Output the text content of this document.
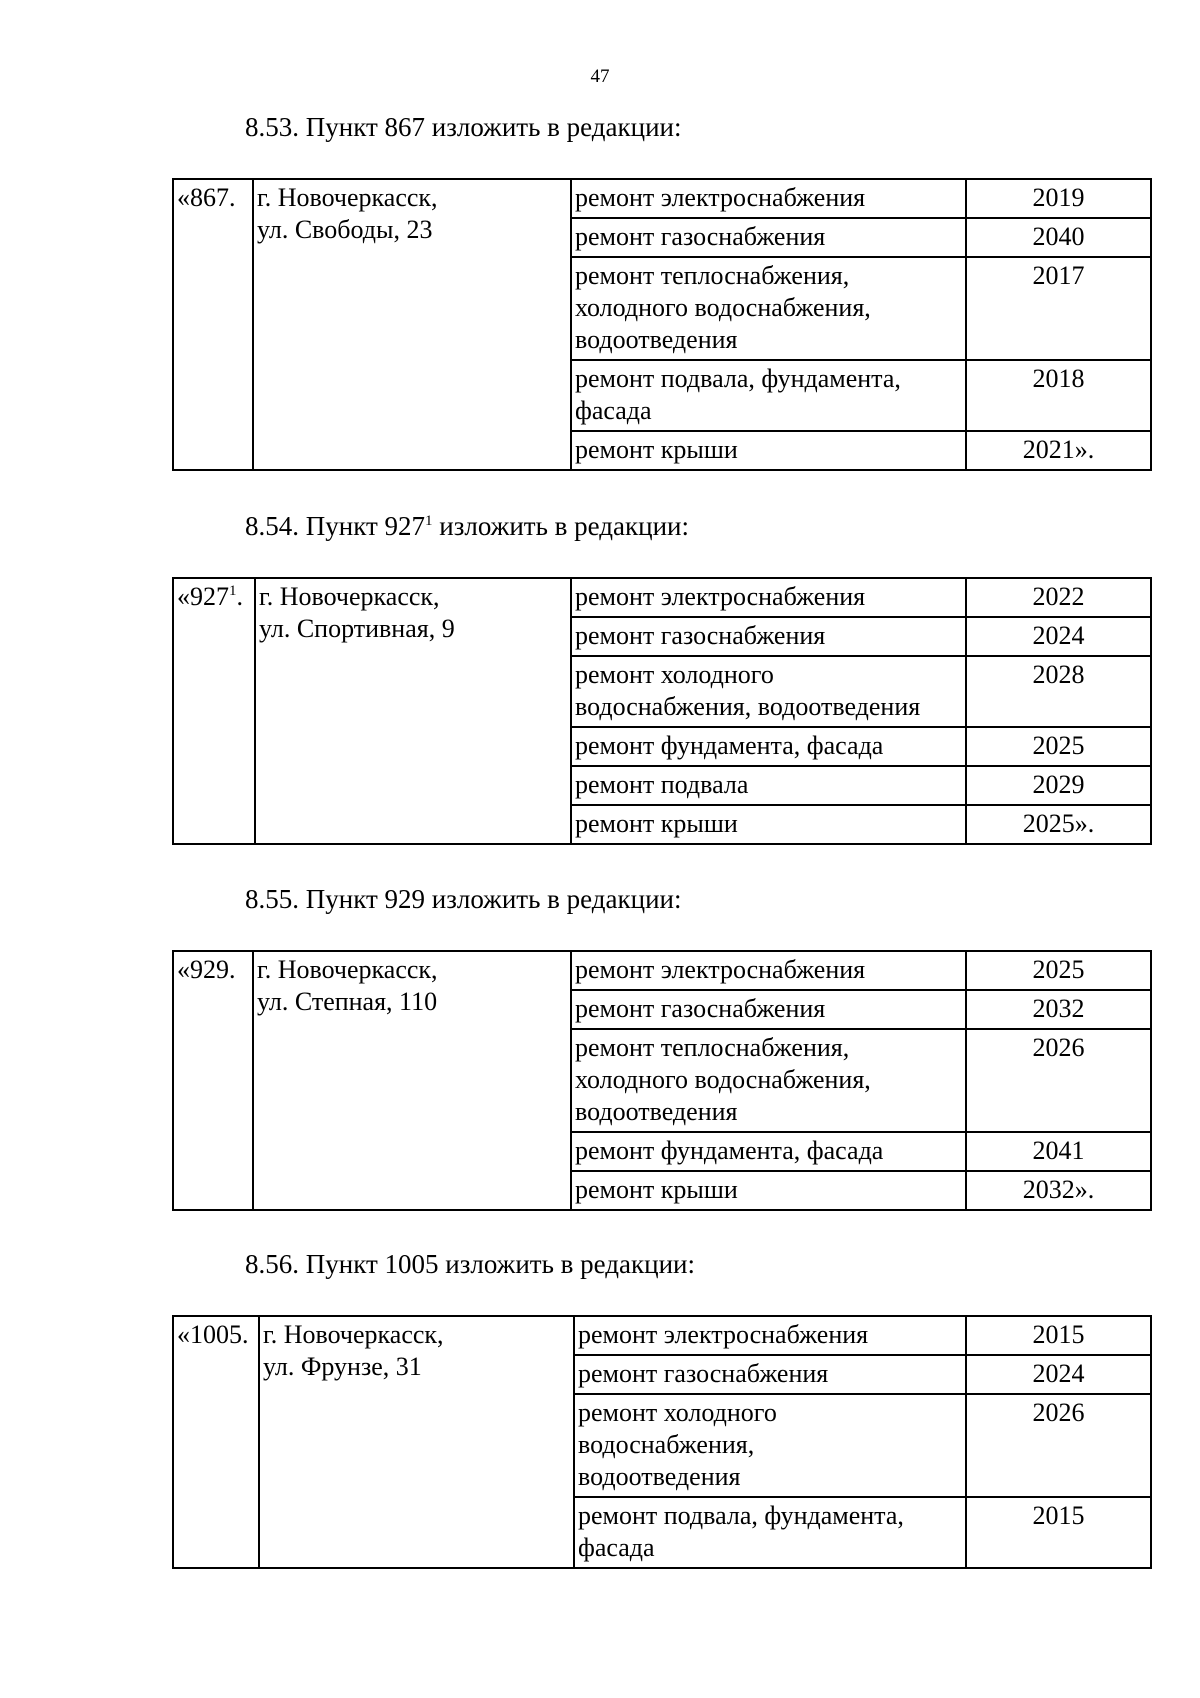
47
8.53. Пункт 867 изложить в редакции:
«867.	г. Новочеркасск,
ул. Свободы, 23	ремонт электроснабжения	2019
		ремонт газоснабжения	2040

		ремонт теплоснабжения,
холодного водоснабжения,
водоотведения	2017

		ремонт подвала, фундамента,
фасада	2018
		ремонт крыши	2021».
8.54. Пункт $927^1$ изложить в редакции:
«$927^1$.	г. Новочеркасск,
ул. Спортивная, 9	ремонт электроснабжения	2022
		ремонт газоснабжения	2024

		ремонт холодного
водоснабжения, водоотведения	2028
		ремонт фундамента, фасада	2025
		ремонт подвала	2029
		ремонт крыши	2025».
8.55. Пункт 929 изложить в редакции:
«929.	г. Новочеркасск,
ул. Степная, 110	ремонт электроснабжения	2025
		ремонт газоснабжения	2032

		ремонт теплоснабжения,
холодного водоснабжения,
водоотведения	2026
		ремонт фундамента, фасада	2041
		ремонт крыши	2032».
8.56. Пункт 1005 изложить в редакции:
«1005.	г. Новочеркасск,
ул. Фрунзе, 31	ремонт электроснабжения	2015
		ремонт газоснабжения	2024

		ремонт холодного
водоснабжения,
водоотведения	2026

		ремонт подвала, фундамента,
фасада	2015
